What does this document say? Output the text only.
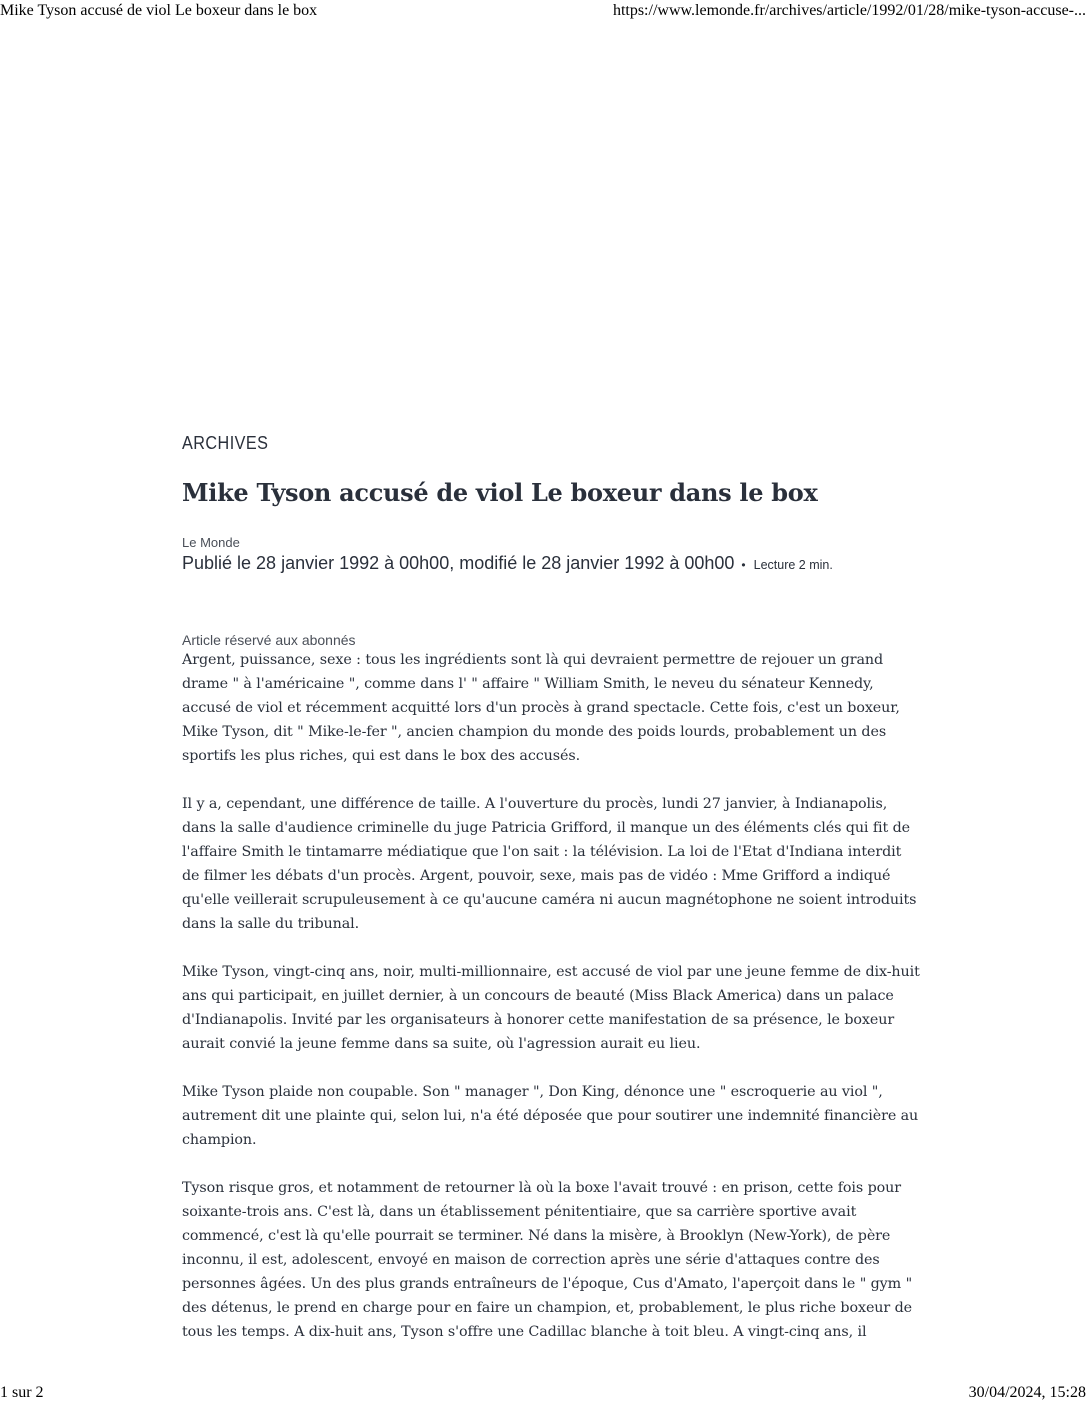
Mike Tyson accusé de viol Le boxeur dans le box	https://www.lemonde.fr/archives/article/1992/01/28/mike-tyson-accuse-...
ARCHIVES
Mike Tyson accusé de viol Le boxeur dans le box
Le Monde
Publié le 28 janvier 1992 à 00h00, modifié le 28 janvier 1992 à 00h00 • Lecture 2 min.
Article réservé aux abonnés

Argent, puissance, sexe : tous les ingrédients sont là qui devraient permettre de rejouer un grand drame " à l'américaine ", comme dans l' " affaire " William Smith, le neveu du sénateur Kennedy, accusé de viol et récemment acquitté lors d'un procès à grand spectacle. Cette fois, c'est un boxeur, Mike Tyson, dit " Mike-le-fer ", ancien champion du monde des poids lourds, probablement un des sportifs les plus riches, qui est dans le box des accusés.

Il y a, cependant, une différence de taille. A l'ouverture du procès, lundi 27 janvier, à Indianapolis, dans la salle d'audience criminelle du juge Patricia Grifford, il manque un des éléments clés qui fit de l'affaire Smith le tintamarre médiatique que l'on sait : la télévision. La loi de l'Etat d'Indiana interdit de filmer les débats d'un procès. Argent, pouvoir, sexe, mais pas de vidéo : Mme Grifford a indiqué qu'elle veillerait scrupuleusement à ce qu'aucune caméra ni aucun magnétophone ne soient introduits dans la salle du tribunal.

Mike Tyson, vingt-cinq ans, noir, multi-millionnaire, est accusé de viol par une jeune femme de dix-huit ans qui participait, en juillet dernier, à un concours de beauté (Miss Black America) dans un palace d'Indianapolis. Invité par les organisateurs à honorer cette manifestation de sa présence, le boxeur aurait convié la jeune femme dans sa suite, où l'agression aurait eu lieu.

Mike Tyson plaide non coupable. Son " manager ", Don King, dénonce une " escroquerie au viol ", autrement dit une plainte qui, selon lui, n'a été déposée que pour soutirer une indemnité financière au champion.

Tyson risque gros, et notamment de retourner là où la boxe l'avait trouvé : en prison, cette fois pour soixante-trois ans. C'est là, dans un établissement pénitentiaire, que sa carrière sportive avait commencé, c'est là qu'elle pourrait se terminer. Né dans la misère, à Brooklyn (New-York), de père inconnu, il est, adolescent, envoyé en maison de correction après une série d'attaques contre des personnes âgées. Un des plus grands entraîneurs de l'époque, Cus d'Amato, l'aperçoit dans le " gym " des détenus, le prend en charge pour en faire un champion, et, probablement, le plus riche boxeur de tous les temps. A dix-huit ans, Tyson s'offre une Cadillac blanche à toit bleu. A vingt-cinq ans, il

1 sur 2	30/04/2024, 15:28
